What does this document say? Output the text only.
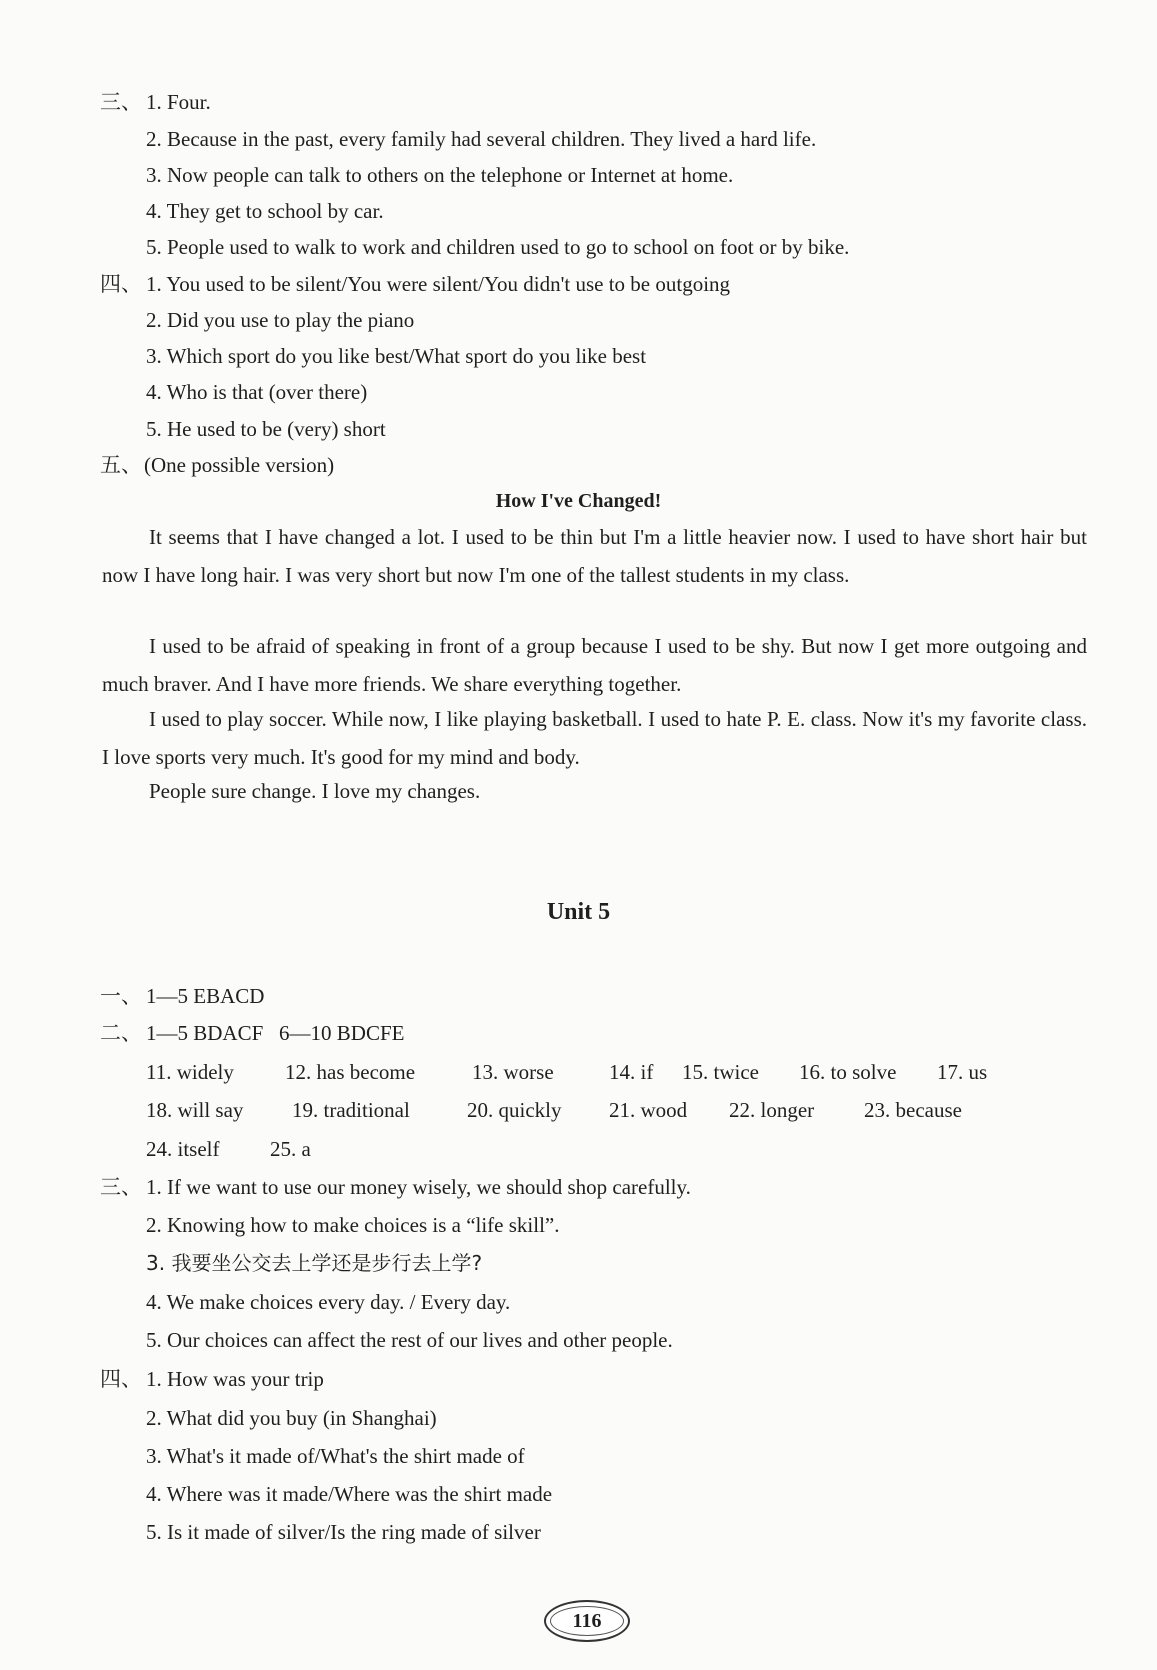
三、 1. Four.
2. Because in the past, every family had several children. They lived a hard life.
3. Now people can talk to others on the telephone or Internet at home.
4. They get to school by car.
5. People used to walk to work and children used to go to school on foot or by bike.
四、 1. You used to be silent/You were silent/You didn't use to be outgoing
2. Did you use to play the piano
3. Which sport do you like best/What sport do you like best
4. Who is that (over there)
5. He used to be (very) short
五、 (One possible version)
How I've Changed!
It seems that I have changed a lot. I used to be thin but I'm a little heavier now. I used to have short hair but now I have long hair. I was very short but now I'm one of the tallest students in my class.
I used to be afraid of speaking in front of a group because I used to be shy. But now I get more outgoing and much braver. And I have more friends. We share everything together.
I used to play soccer. While now, I like playing basketball. I used to hate P. E. class. Now it's my favorite class. I love sports very much. It's good for my mind and body.
People sure change. I love my changes.
Unit 5
一、 1—5 EBACD
二、 1—5 BDACF   6—10 BDCFE
11. widely 12. has become	13. worse	14. if 15. twice 16. to solve 17. us
18. will say 19. traditional	20. quickly 21. wood 22. longer 23. because
24. itself 25. a
三、 1. If we want to use our money wisely, we should shop carefully.
2. Knowing how to make choices is a “life skill”.
3. 我要坐公交去上学还是步行去上学?
4. We make choices every day. / Every day.
5. Our choices can affect the rest of our lives and other people.
四、 1. How was your trip
2. What did you buy (in Shanghai)
3. What's it made of/What's the shirt made of
4. Where was it made/Where was the shirt made
5. Is it made of silver/Is the ring made of silver
116
